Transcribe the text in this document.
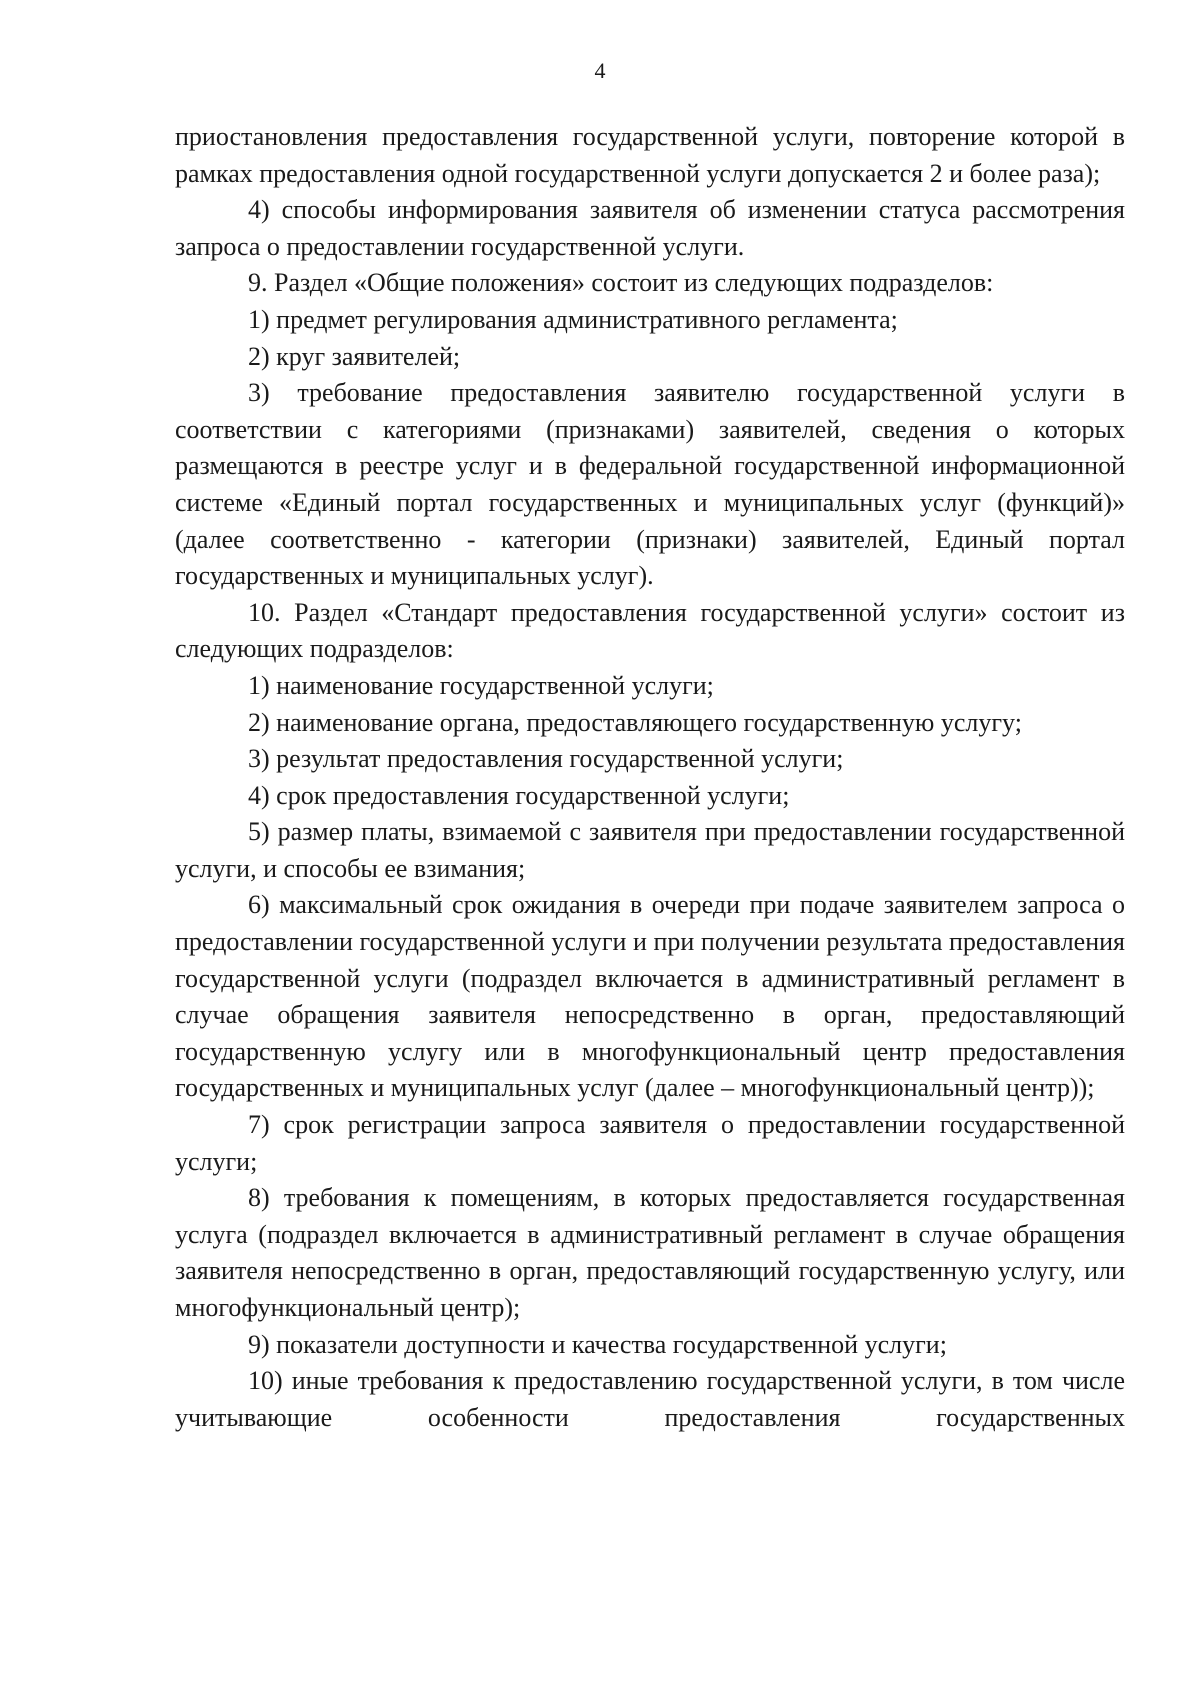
4

приостановления предоставления государственной услуги, повторение которой в рамках предоставления одной государственной услуги допускается 2 и более раза);

4) способы информирования заявителя об изменении статуса рассмотрения запроса о предоставлении государственной услуги.

9. Раздел «Общие положения» состоит из следующих подразделов:

1) предмет регулирования административного регламента;

2) круг заявителей;

3) требование предоставления заявителю государственной услуги в соответствии с категориями (признаками) заявителей, сведения о которых размещаются в реестре услуг и в федеральной государственной информационной системе «Единый портал государственных и муниципальных услуг (функций)» (далее соответственно - категории (признаки) заявителей, Единый портал государственных и муниципальных услуг).

10. Раздел «Стандарт предоставления государственной услуги» состоит из следующих подразделов:

1) наименование государственной услуги;

2) наименование органа, предоставляющего государственную услугу;

3) результат предоставления государственной услуги;

4) срок предоставления государственной услуги;

5) размер платы, взимаемой с заявителя при предоставлении государственной услуги, и способы ее взимания;

6) максимальный срок ожидания в очереди при подаче заявителем запроса о предоставлении государственной услуги и при получении результата предоставления государственной услуги (подраздел включается в административный регламент в случае обращения заявителя непосредственно в орган, предоставляющий государственную услугу или в многофункциональный центр предоставления государственных и муниципальных услуг (далее – многофункциональный центр));

7) срок регистрации запроса заявителя о предоставлении государственной услуги;

8) требования к помещениям, в которых предоставляется государственная услуга (подраздел включается в административный регламент в случае обращения заявителя непосредственно в орган, предоставляющий государственную услугу, или многофункциональный центр);

9) показатели доступности и качества государственной услуги;

10) иные требования к предоставлению государственной услуги, в том числе учитывающие особенности предоставления государственных
